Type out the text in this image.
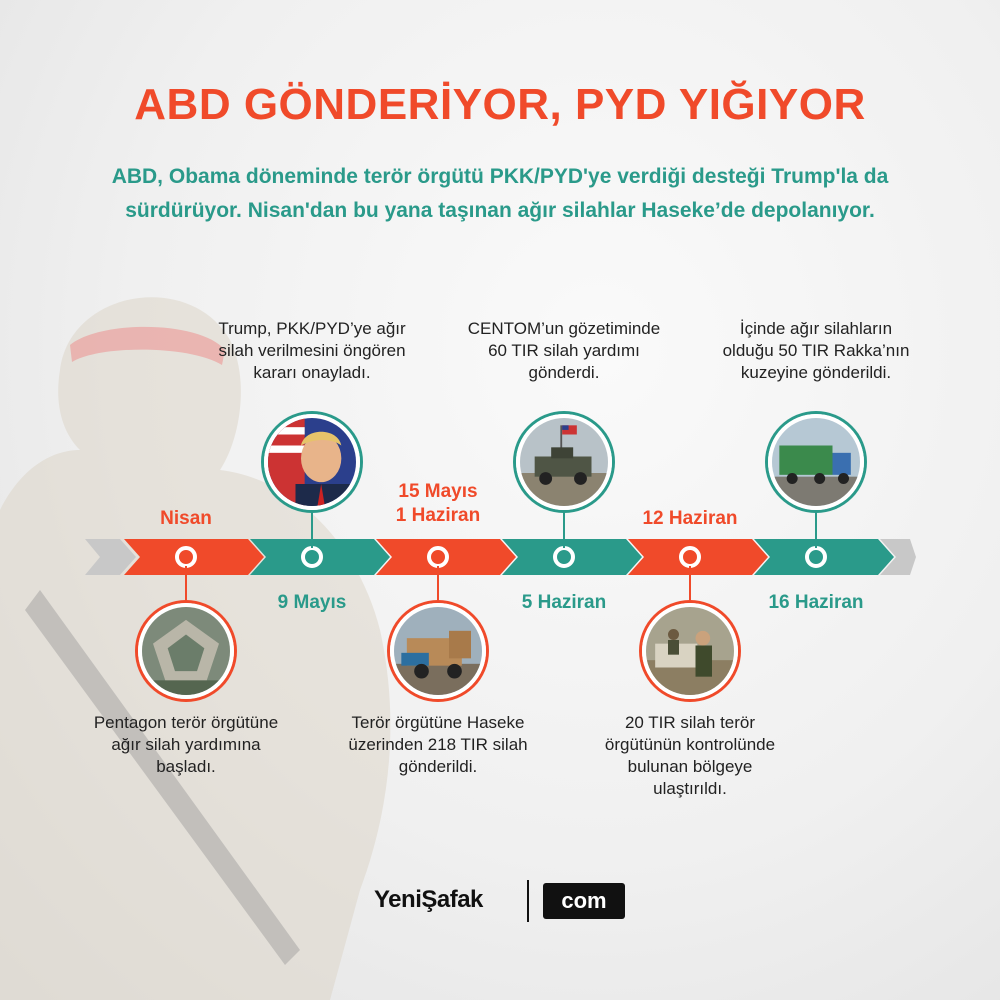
ABD GÖNDERİYOR, PYD YIĞIYOR
ABD, Obama döneminde terör örgütü PKK/PYD'ye verdiği desteği Trump'la da sürdürüyor. Nisan'dan bu yana taşınan ağır silahlar Haseke’de depolanıyor.
Nisan
Pentagon terör örgütüne ağır silah yardımına başladı.
Trump, PKK/PYD’ye ağır silah verilmesini öngören kararı onayladı.
9 Mayıs
15 Mayıs
1 Haziran
Terör örgütüne Haseke üzerinden 218 TIR silah gönderildi.
CENTOM’un gözetiminde 60 TIR silah yardımı gönderdi.
5 Haziran
12 Haziran
20 TIR silah terör örgütünün kontrolünde bulunan bölgeye ulaştırıldı.
İçinde ağır silahların olduğu 50 TIR Rakka’nın kuzeyine gönderildi.
16 Haziran
YeniŞafak	com
